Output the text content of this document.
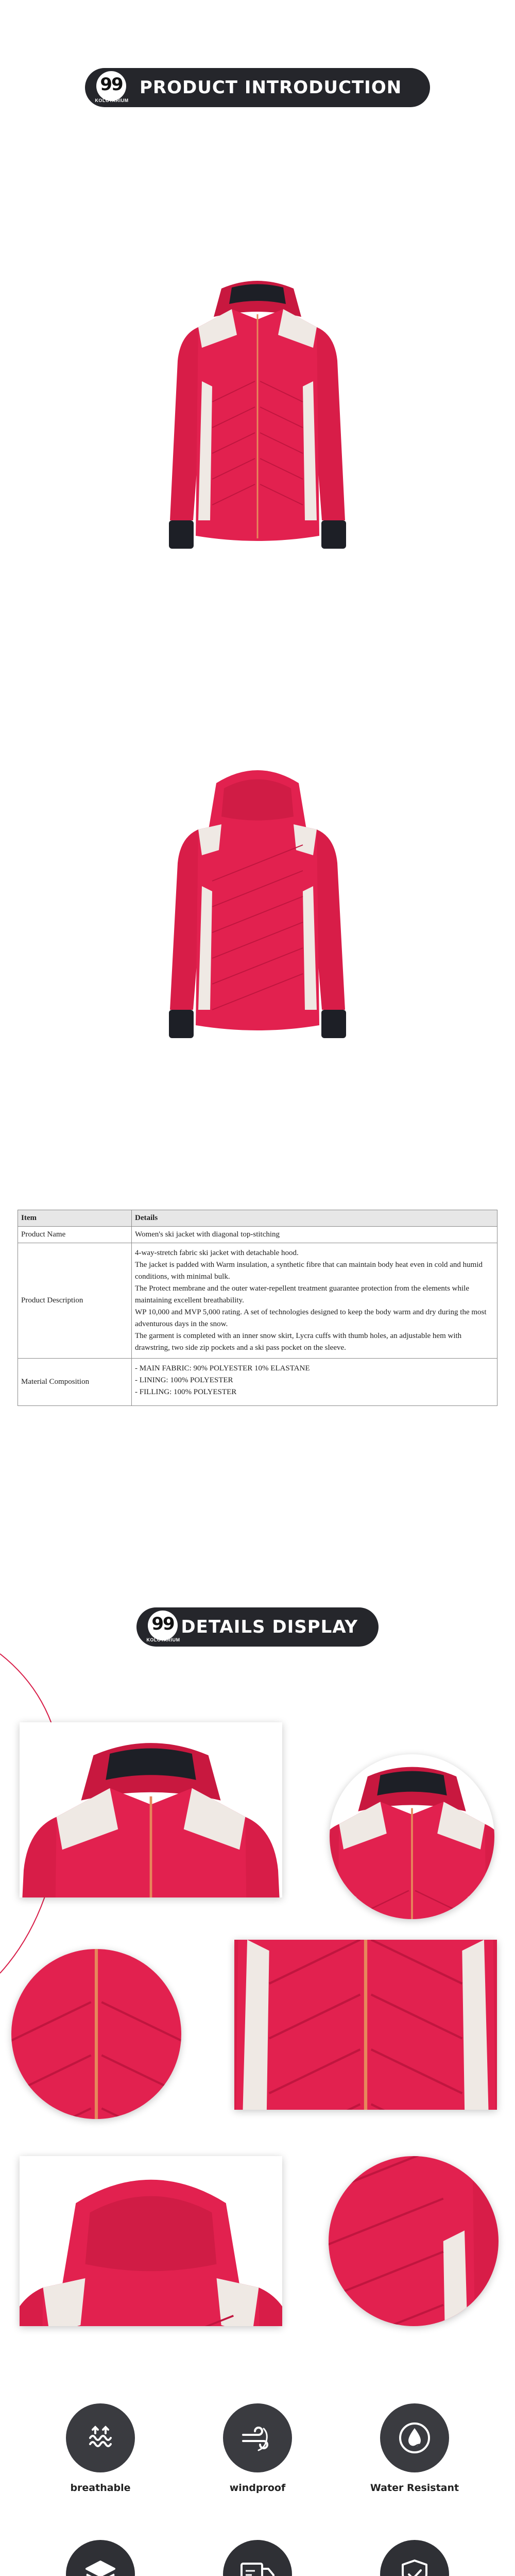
99
KOLOTARIUM
PRODUCT INTRODUCTION
Item	Details
Product Name	Women's ski jacket with diagonal top-stitching

Product Description	4-way-stretch fabric ski jacket with detachable hood.
The jacket is padded with Warm insulation, a synthetic fibre that can maintain body heat even in cold and humid conditions, with minimal bulk.
The Protect membrane and the outer water-repellent treatment guarantee protection from the elements while maintaining excellent breathability.
WP 10,000 and MVP 5,000 rating. A set of technologies designed to keep the body warm and dry during the most adventurous days in the snow.
The garment is completed with an inner snow skirt, Lycra cuffs with thumb holes, an adjustable hem with drawstring, two side zip pockets and a ski pass pocket on the sleeve.

Material Composition	- MAIN FABRIC: 90% POLYESTER 10% ELASTANE
- LINING: 100% POLYESTER
- FILLING: 100% POLYESTER
99
KOLOTARIUM
DETAILS DISPLAY
breathable	windproof	Water Resistant
